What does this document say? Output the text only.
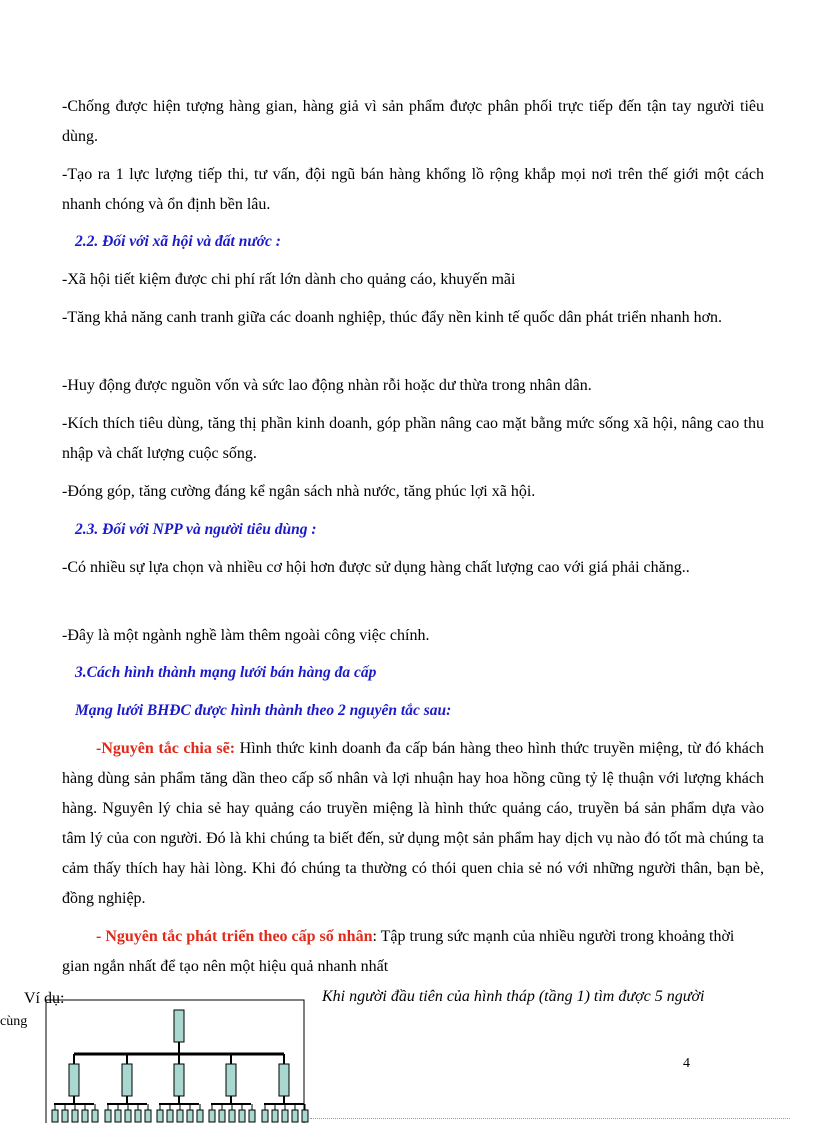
-Chống được hiện tượng hàng gian, hàng giả vì sản phẩm được phân phối trực tiếp đến tận tay người tiêu dùng.
-Tạo ra 1 lực lượng tiếp thi, tư vấn, đội ngũ bán hàng khổng lồ rộng khắp mọi nơi trên thế giới một cách nhanh chóng và ổn định bền lâu.
2.2. Đối với xã hội và đất nước :
-Xã hội tiết kiệm được chi phí rất lớn dành cho quảng cáo, khuyến mãi
-Tăng khả năng canh tranh giữa các doanh nghiệp, thúc đẩy nền kinh tế quốc dân phát triển nhanh hơn.
-Huy động được nguồn vốn và sức lao động nhàn rỗi hoặc dư thừa trong nhân dân.
-Kích thích tiêu dùng, tăng thị phần kinh doanh, góp phần nâng cao mặt bằng mức sống xã hội, nâng cao thu nhập và chất lượng cuộc sống.
-Đóng góp, tăng cường đáng kể ngân sách nhà nước, tăng phúc lợi xã hội.
2.3. Đối với NPP và người tiêu dùng :
-Có nhiều sự lựa chọn và nhiều cơ hội hơn được sử dụng hàng chất lượng cao với giá phải chăng..
-Đây là một ngành nghề làm thêm ngoài công việc chính.
3.Cách hình thành mạng lưới bán hàng đa cấp
Mạng lưới BHĐC được hình thành theo 2 nguyên tắc sau:
-Nguyên tắc chia sẽ: Hình thức kinh doanh đa cấp bán hàng theo hình thức truyền miệng, từ đó khách hàng dùng sản phẩm tăng dần theo cấp số nhân và lợi nhuận hay hoa hồng cũng tỷ lệ thuận với lượng khách hàng. Nguyên lý chia sẻ hay quảng cáo truyền miệng là hình thức quảng cáo, truyền bá sản phẩm dựa vào tâm lý của con người. Đó là khi chúng ta biết đến, sử dụng một sản phẩm hay dịch vụ nào đó tốt mà chúng ta cảm thấy thích hay hài lòng. Khi đó chúng ta thường có thói quen chia sẻ nó với những người thân, bạn bè, đồng nghiệp.
- Nguyên tắc phát triển theo cấp số nhân: Tập trung sức mạnh của nhiều người trong khoảng thời gian ngắn nhất để tạo nên một hiệu quả nhanh nhất
Ví dụ:
cùng
Khi người đầu tiên của hình tháp (tầng 1) tìm được 5 người
4
